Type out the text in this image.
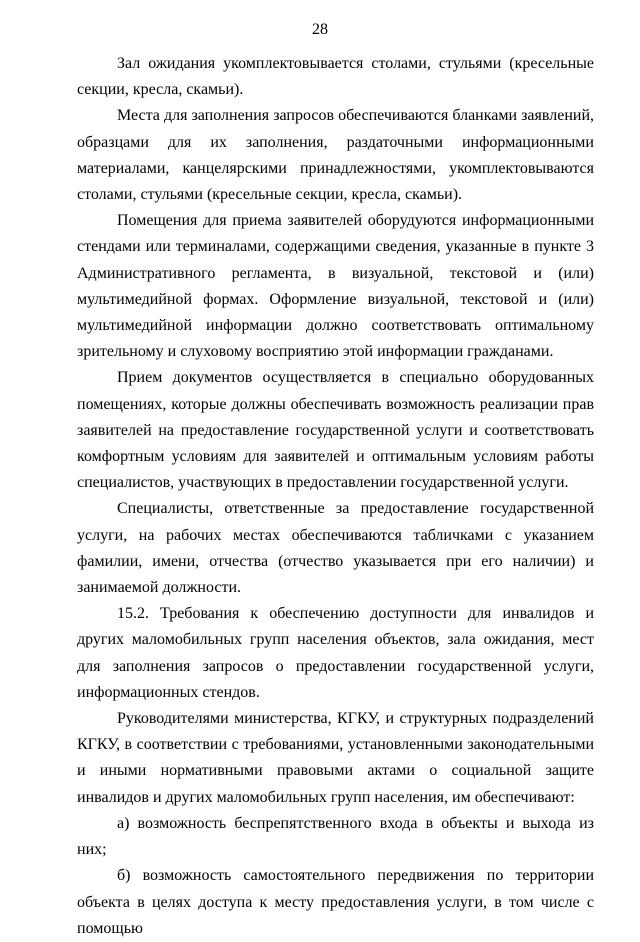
28

Зал ожидания укомплектовывается столами, стульями (кресельные секции, кресла, скамьи).

Места для заполнения запросов обеспечиваются бланками заявлений, образцами для их заполнения, раздаточными информационными материалами, канцелярскими принадлежностями, укомплектовываются столами, стульями (кресельные секции, кресла, скамьи).

Помещения для приема заявителей оборудуются информационными стендами или терминалами, содержащими сведения, указанные в пункте 3 Административного регламента, в визуальной, текстовой и (или) мультимедийной формах. Оформление визуальной, текстовой и (или) мультимедийной информации должно соответствовать оптимальному зрительному и слуховому восприятию этой информации гражданами.

Прием документов осуществляется в специально оборудованных помещениях, которые должны обеспечивать возможность реализации прав заявителей на предоставление государственной услуги и соответствовать комфортным условиям для заявителей и оптимальным условиям работы специалистов, участвующих в предоставлении государственной услуги.

Специалисты, ответственные за предоставление государственной услуги, на рабочих местах обеспечиваются табличками с указанием фамилии, имени, отчества (отчество указывается при его наличии) и занимаемой должности.

15.2. Требования к обеспечению доступности для инвалидов и других маломобильных групп населения объектов, зала ожидания, мест для заполнения запросов о предоставлении государственной услуги, информационных стендов.

Руководителями министерства, КГКУ, и структурных подразделений КГКУ, в соответствии с требованиями, установленными законодательными и иными нормативными правовыми актами о социальной защите инвалидов и других маломобильных групп населения, им обеспечивают:

а) возможность беспрепятственного входа в объекты и выхода из них;

б) возможность самостоятельного передвижения по территории объекта в целях доступа к месту предоставления услуги, в том числе с помощью
